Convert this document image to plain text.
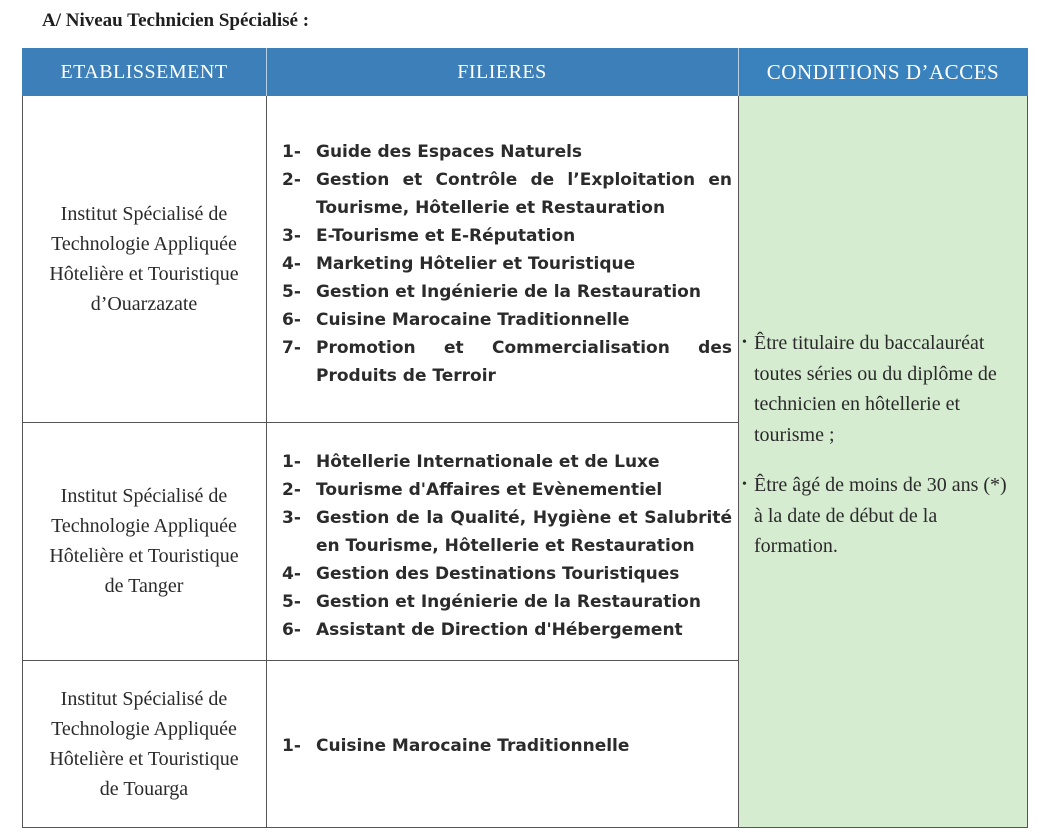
A/ Niveau Technicien Spécialisé :
ETABLISSEMENT	FILIERES	CONDITIONS D’ACCES
Institut Spécialisé de
Technologie Appliquée
Hôtelière et Touristique
d’Ouarzazate
1- Guide des Espaces Naturels
2- Gestion et Contrôle de l’Exploitation en Tourisme, Hôtellerie et Restauration
3- E-Tourisme et E-Réputation
4- Marketing Hôtelier et Touristique
5- Gestion et Ingénierie de la Restauration
6- Cuisine Marocaine Traditionnelle
7- Promotion et Commercialisation des Produits de Terroir
Institut Spécialisé de
Technologie Appliquée
Hôtelière et Touristique
de Tanger
1- Hôtellerie Internationale et de Luxe
2- Tourisme d'Affaires et Evènementiel
3- Gestion de la Qualité, Hygiène et Salubrité en Tourisme, Hôtellerie et Restauration
4- Gestion des Destinations Touristiques
5- Gestion et Ingénierie de la Restauration
6- Assistant de Direction d'Hébergement
Institut Spécialisé de
Technologie Appliquée
Hôtelière et Touristique
de Touarga
1- Cuisine Marocaine Traditionnelle
• Être titulaire du baccalauréat toutes séries ou du diplôme de technicien en hôtellerie et tourisme ;
• Être âgé de moins de 30 ans (*) à la date de début de la formation.
